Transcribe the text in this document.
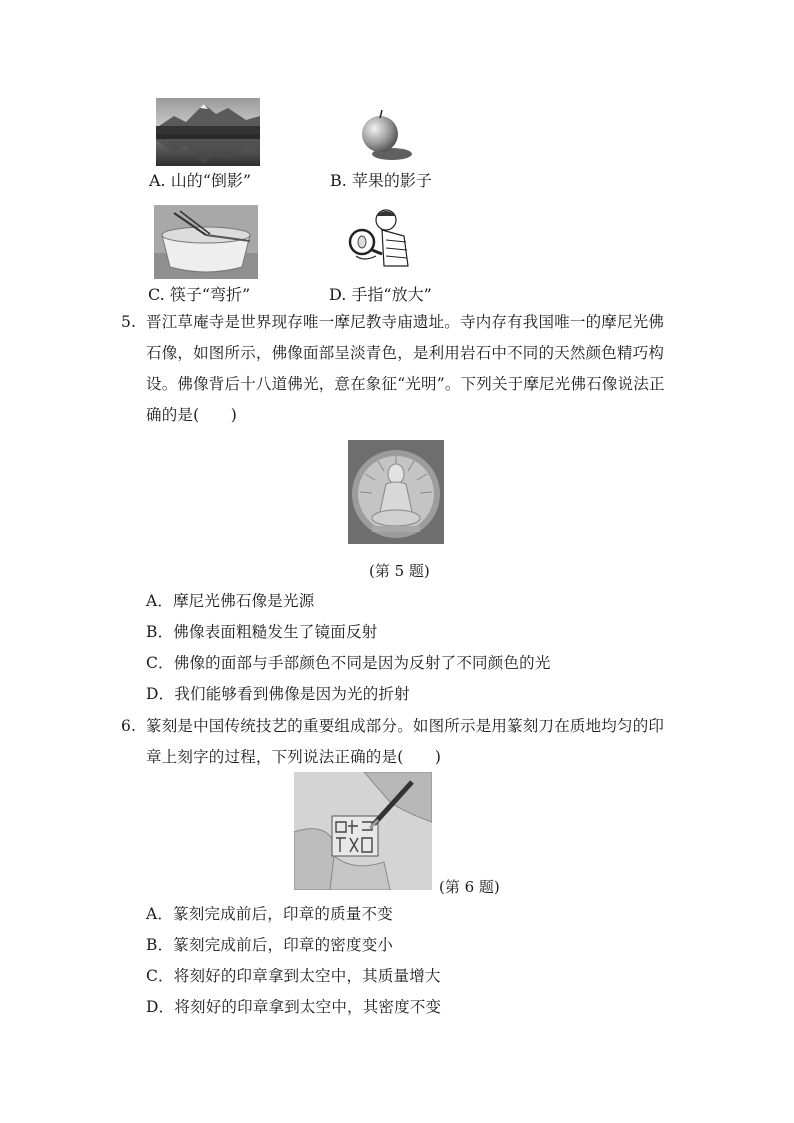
A. 山的“倒影”	B. 苹果的影子
C. 筷子“弯折”	D. 手指“放大”
5. 晋江草庵寺是世界现存唯一摩尼教寺庙遗址。寺内存有我国唯一的摩尼光佛
石像，如图所示，佛像面部呈淡青色，是利用岩石中不同的天然颜色精巧构
设。佛像背后十八道佛光，意在象征“光明”。下列关于摩尼光佛石像说法正
确的是(　　)
(第 5 题)
A．摩尼光佛石像是光源
B．佛像表面粗糙发生了镜面反射
C．佛像的面部与手部颜色不同是因为反射了不同颜色的光
D．我们能够看到佛像是因为光的折射
6. 篆刻是中国传统技艺的重要组成部分。如图所示是用篆刻刀在质地均匀的印
章上刻字的过程，下列说法正确的是(　　)
(第 6 题)
A．篆刻完成前后，印章的质量不变
B．篆刻完成前后，印章的密度变小
C．将刻好的印章拿到太空中，其质量增大
D．将刻好的印章拿到太空中，其密度不变
